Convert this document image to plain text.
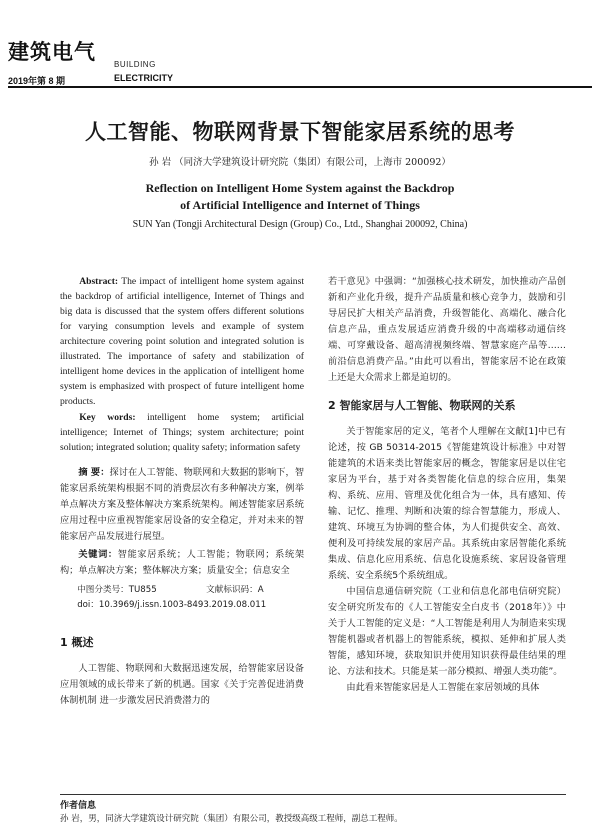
建筑电气
BUILDING
2019年第 8 期	ELECTRICITY
人工智能、物联网背景下智能家居系统的思考
孙 岩 （同济大学建筑设计研究院（集团）有限公司，上海市 200092）
Reflection on Intelligent Home System against the Backdrop
of Artificial Intelligence and Internet of Things
SUN Yan (Tongji Architectural Design (Group) Co., Ltd., Shanghai 200092, China)

Abstract: The impact of intelligent home system against the backdrop of artificial intelligence, Internet of Things and big data is discussed that the system offers different solutions for varying consumption levels and example of system architecture covering point solution and integrated solution is illustrated. The importance of safety and stabilization of intelligent home devices in the application of intelligent home system is emphasized with prospect of future intelligent home products.

Key words: intelligent home system; artificial intelligence; Internet of Things; system architecture; point solution; integrated solution; quality safety; information safety

摘 要：探讨在人工智能、物联网和大数据的影响下，智能家居系统架构根据不同的消费层次有多种解决方案，例举单点解决方案及整体解决方案系统架构。阐述智能家居系统应用过程中应重视智能家居设备的安全稳定，并对未来的智能家居产品发展进行展望。

关键词：智能家居系统；人工智能；物联网；系统架构；单点解决方案；整体解决方案；质量安全；信息安全

中图分类号：TU855	文献标识码：A

doi：10.3969/j.issn.1003-8493.2019.08.011

1 概述

人工智能、物联网和大数据迅速发展，给智能家居设备应用领域的成长带来了新的机遇。国家《关于完善促进消费体制机制 进一步激发居民消费潜力的

若干意见》中强调：“加强核心技术研发，加快推动产品创新和产业化升级，提升产品质量和核心竞争力，鼓励和引导居民扩大相关产品消费，升级智能化、高端化、融合化信息产品，重点发展适应消费升级的中高端移动通信终端、可穿戴设备、超高清视频终端、智慧家庭产品等……前沿信息消费产品。”由此可以看出，智能家居不论在政策上还是大众需求上都是迫切的。

2 智能家居与人工智能、物联网的关系

关于智能家居的定义，笔者个人理解在文献[1]中已有论述，按 GB 50314-2015《智能建筑设计标准》中对智能建筑的术语来类比智能家居的概念，智能家居是以住宅家居为平台，基于对各类智能化信息的综合应用，集架构、系统、应用、管理及优化组合为一体，具有感知、传输、记忆、推理、判断和决策的综合智慧能力，形成人、建筑、环境互为协调的整合体，为人们提供安全、高效、便利及可持续发展的家居产品。其系统由家居智能化系统集成、信息化应用系统、信息化设施系统、家居设备管理系统、安全系统5个系统组成。

中国信息通信研究院（工业和信息化部电信研究院）安全研究所发布的《人工智能安全白皮书（2018年）》中关于人工智能的定义是：“人工智能是利用人为制造来实现智能机器或者机器上的智能系统，模拟、延伸和扩展人类智能，感知环境，获取知识并使用知识获得最佳结果的理论、方法和技术。只能是某一部分模拟、增强人类功能”。

由此看来智能家居是人工智能在家居领域的具体

作者信息
孙 岩，男，同济大学建筑设计研究院（集团）有限公司，教授级高级工程师，副总工程师。
